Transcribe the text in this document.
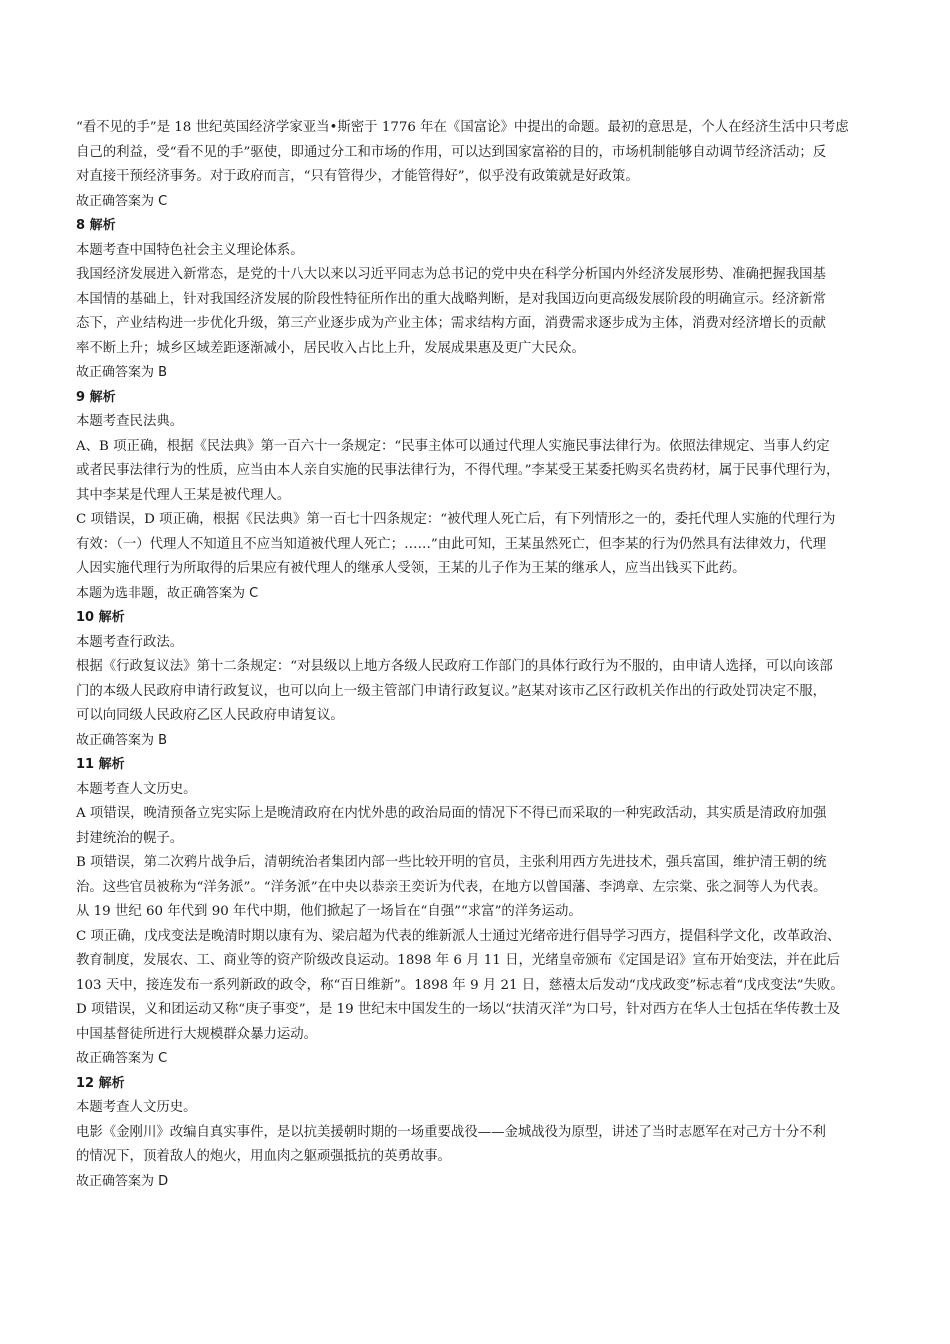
“看不见的手”是 18 世纪英国经济学家亚当•斯密于 1776 年在《国富论》中提出的命题。最初的意思是，个人在经济生活中只考虑
自己的利益，受“看不见的手”驱使，即通过分工和市场的作用，可以达到国家富裕的目的，市场机制能够自动调节经济活动；反
对直接干预经济事务。对于政府而言，“只有管得少，才能管得好”，似乎没有政策就是好政策。
故正确答案为 C
8 解析
本题考查中国特色社会主义理论体系。
我国经济发展进入新常态，是党的十八大以来以习近平同志为总书记的党中央在科学分析国内外经济发展形势、准确把握我国基
本国情的基础上，针对我国经济发展的阶段性特征所作出的重大战略判断，是对我国迈向更高级发展阶段的明确宣示。经济新常
态下，产业结构进一步优化升级，第三产业逐步成为产业主体；需求结构方面，消费需求逐步成为主体，消费对经济增长的贡献
率不断上升；城乡区域差距逐渐减小，居民收入占比上升，发展成果惠及更广大民众。
故正确答案为 B
9 解析
本题考查民法典。
A、B 项正确，根据《民法典》第一百六十一条规定：“民事主体可以通过代理人实施民事法律行为。依照法律规定、当事人约定
或者民事法律行为的性质，应当由本人亲自实施的民事法律行为，不得代理。”李某受王某委托购买名贵药材，属于民事代理行为，
其中李某是代理人王某是被代理人。
C 项错误，D 项正确，根据《民法典》第一百七十四条规定：“被代理人死亡后，有下列情形之一的，委托代理人实施的代理行为
有效：（一）代理人不知道且不应当知道被代理人死亡；……”由此可知，王某虽然死亡，但李某的行为仍然具有法律效力，代理
人因实施代理行为所取得的后果应有被代理人的继承人受领，王某的儿子作为王某的继承人，应当出钱买下此药。
本题为选非题，故正确答案为 C
10 解析
本题考查行政法。
根据《行政复议法》第十二条规定：“对县级以上地方各级人民政府工作部门的具体行政行为不服的，由申请人选择，可以向该部
门的本级人民政府申请行政复议，也可以向上一级主管部门申请行政复议。”赵某对该市乙区行政机关作出的行政处罚决定不服，
可以向同级人民政府乙区人民政府申请复议。
故正确答案为 B
11 解析
本题考查人文历史。
A 项错误，晚清预备立宪实际上是晚清政府在内忧外患的政治局面的情况下不得已而采取的一种宪政活动，其实质是清政府加强
封建统治的幌子。
B 项错误，第二次鸦片战争后，清朝统治者集团内部一些比较开明的官员，主张利用西方先进技术，强兵富国，维护清王朝的统
治。这些官员被称为“洋务派”。“洋务派”在中央以恭亲王奕䜣为代表，在地方以曾国藩、李鸿章、左宗棠、张之洞等人为代表。
从 19 世纪 60 年代到 90 年代中期，他们掀起了一场旨在“自强”“求富”的洋务运动。
C 项正确，戊戌变法是晚清时期以康有为、梁启超为代表的维新派人士通过光绪帝进行倡导学习西方，提倡科学文化，改革政治、
教育制度，发展农、工、商业等的资产阶级改良运动。1898 年 6 月 11 日，光绪皇帝颁布《定国是诏》宣布开始变法，并在此后
103 天中，接连发布一系列新政的政令，称“百日维新”。1898 年 9 月 21 日，慈禧太后发动“戊戌政变”标志着“戊戌变法”失败。
D 项错误，义和团运动又称“庚子事变”，是 19 世纪末中国发生的一场以“扶清灭洋”为口号，针对西方在华人士包括在华传教士及
中国基督徒所进行大规模群众暴力运动。
故正确答案为 C
12 解析
本题考查人文历史。
电影《金刚川》改编自真实事件，是以抗美援朝时期的一场重要战役——金城战役为原型，讲述了当时志愿军在对己方十分不利
的情况下，顶着敌人的炮火，用血肉之躯顽强抵抗的英勇故事。
故正确答案为 D
